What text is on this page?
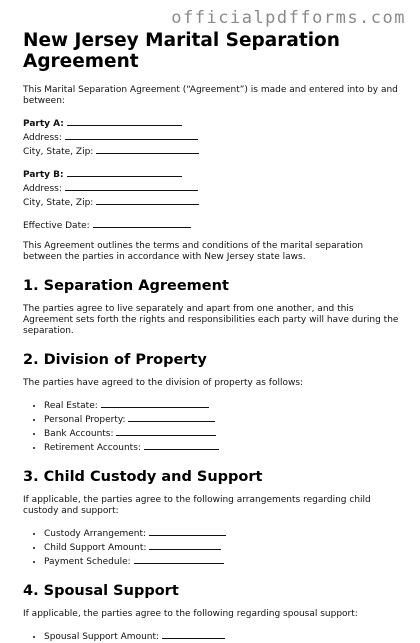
officialpdfforms.com
New Jersey Marital Separation
Agreement

This Marital Separation Agreement (“Agreement”) is made and entered into by and between:

Party A:
Address:
City, State, Zip:
Party B:
Address:
City, State, Zip:
Effective Date:

This Agreement outlines the terms and conditions of the marital separation between the parties in accordance with New Jersey state laws.

1. Separation Agreement

The parties agree to live separately and apart from one another, and this Agreement sets forth the rights and responsibilities each party will have during the separation.

2. Division of Property

The parties have agreed to the division of property as follows:

• Real Estate:
• Personal Property:
• Bank Accounts:
• Retirement Accounts:
3. Child Custody and Support

If applicable, the parties agree to the following arrangements regarding child custody and support:

• Custody Arrangement:
• Child Support Amount:
• Payment Schedule:
4. Spousal Support

If applicable, the parties agree to the following regarding spousal support:

• Spousal Support Amount:
